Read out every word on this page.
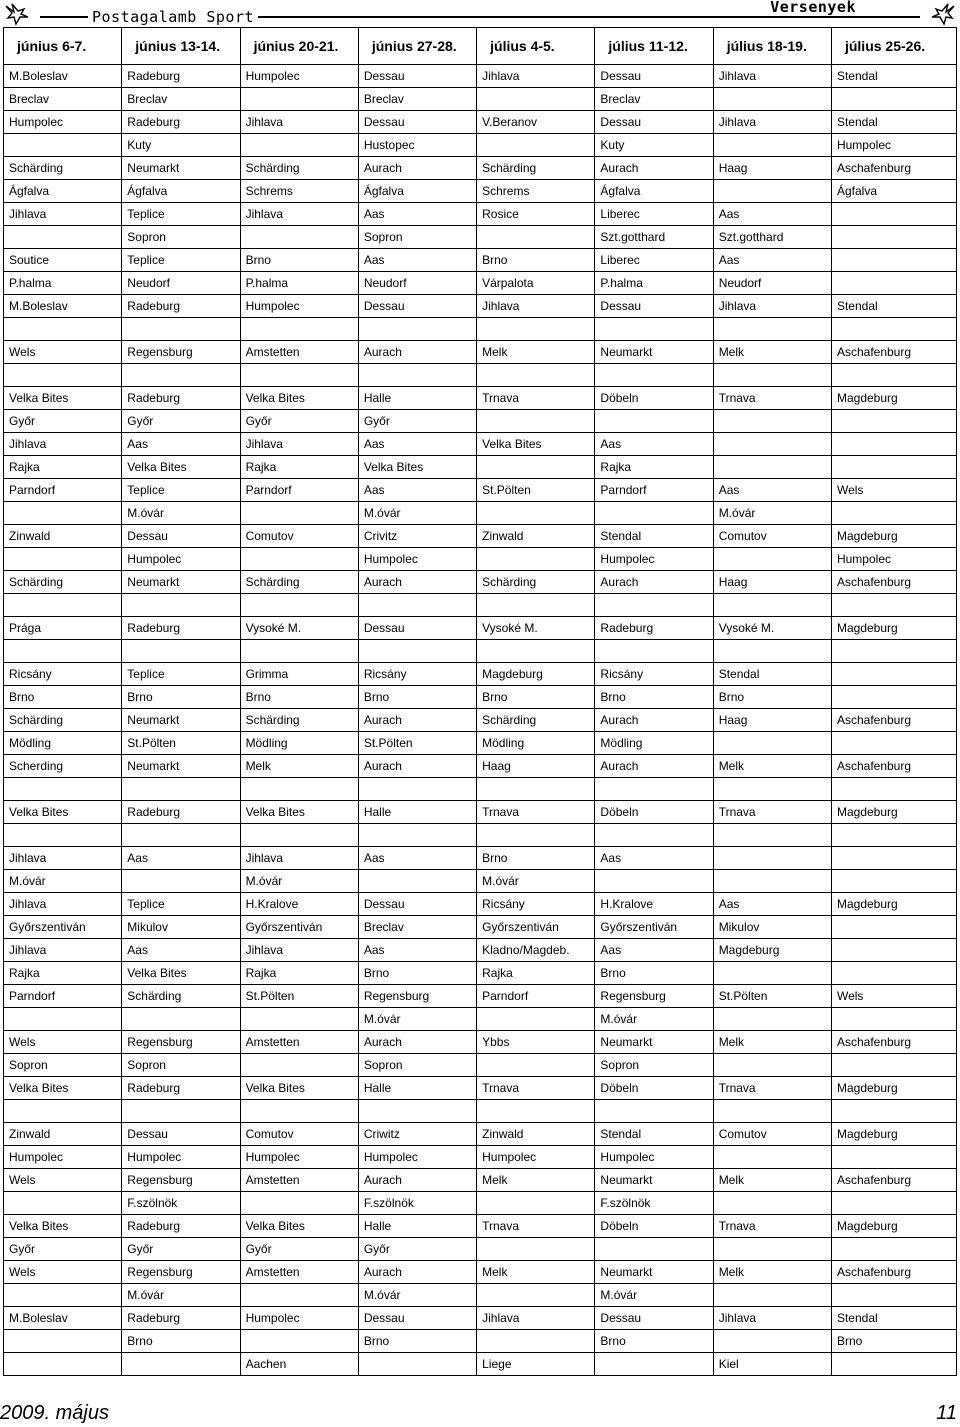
Postagalamb Sport
Versenyek
június 6-7.	június 13-14.	június 20-21.	június 27-28.	július 4-5.	július 11-12.	július 18-19.	július 25-26.
M.Boleslav	Radeburg	Humpolec	Dessau	Jihlava	Dessau	Jihlava	Stendal
Breclav	Breclav		Breclav		Breclav		
Humpolec	Radeburg	Jihlava	Dessau	V.Beranov	Dessau	Jihlava	Stendal
	Kuty		Hustopec		Kuty		Humpolec
Schärding	Neumarkt	Schärding	Aurach	Schärding	Aurach	Haag	Aschafenburg
Ágfalva	Ágfalva	Schrems	Ágfalva	Schrems	Ágfalva		Ágfalva
Jihlava	Teplice	Jihlava	Aas	Rosice	Liberec	Aas	
	Sopron		Sopron		Szt.gotthard	Szt.gotthard	
Soutice	Teplice	Brno	Aas	Brno	Liberec	Aas	
P.halma	Neudorf	P.halma	Neudorf	Várpalota	P.halma	Neudorf	
M.Boleslav	Radeburg	Humpolec	Dessau	Jihlava	Dessau	Jihlava	Stendal

Wels	Regensburg	Amstetten	Aurach	Melk	Neumarkt	Melk	Aschafenburg

Velka Bites	Radeburg	Velka Bites	Halle	Trnava	Döbeln	Trnava	Magdeburg
Győr	Győr	Győr	Győr				
Jihlava	Aas	Jihlava	Aas	Velka Bites	Aas		
Rajka	Velka Bites	Rajka	Velka Bites		Rajka		
Parndorf	Teplice	Parndorf	Aas	St.Pölten	Parndorf	Aas	Wels
	M.óvár		M.óvár			M.óvár	
Zinwald	Dessau	Comutov	Crivitz	Zinwald	Stendal	Comutov	Magdeburg
	Humpolec		Humpolec		Humpolec		Humpolec
Schärding	Neumarkt	Schärding	Aurach	Schärding	Aurach	Haag	Aschafenburg

Prága	Radeburg	Vysoké M.	Dessau	Vysoké M.	Radeburg	Vysoké M.	Magdeburg

Ricsány	Teplice	Grimma	Ricsány	Magdeburg	Ricsány	Stendal	
Brno	Brno	Brno	Brno	Brno	Brno	Brno	
Schärding	Neumarkt	Schärding	Aurach	Schärding	Aurach	Haag	Aschafenburg
Mödling	St.Pölten	Mödling	St.Pölten	Mödling	Mödling		
Scherding	Neumarkt	Melk	Aurach	Haag	Aurach	Melk	Aschafenburg

Velka Bites	Radeburg	Velka Bites	Halle	Trnava	Döbeln	Trnava	Magdeburg

Jihlava	Aas	Jihlava	Aas	Brno	Aas		
M.óvár		M.óvár		M.óvár			
Jihlava	Teplice	H.Kralove	Dessau	Ricsány	H.Kralove	Aas	Magdeburg
Győrszentiván	Mikulov	Győrszentiván	Breclav	Győrszentiván	Győrszentiván	Mikulov	
Jihlava	Aas	Jihlava	Aas	Kladno/Magdeb.	Aas	Magdeburg	
Rajka	Velka Bites	Rajka	Brno	Rajka	Brno		
Parndorf	Schärding	St.Pölten	Regensburg	Parndorf	Regensburg	St.Pölten	Wels
			M.óvár		M.óvár		
Wels	Regensburg	Amstetten	Aurach	Ybbs	Neumarkt	Melk	Aschafenburg
Sopron	Sopron		Sopron		Sopron		
Velka Bites	Radeburg	Velka Bites	Halle	Trnava	Döbeln	Trnava	Magdeburg

Zinwald	Dessau	Comutov	Criwitz	Zinwald	Stendal	Comutov	Magdeburg
Humpolec	Humpolec	Humpolec	Humpolec	Humpolec	Humpolec		
Wels	Regensburg	Amstetten	Aurach	Melk	Neumarkt	Melk	Aschafenburg
	F.szölnök		F.szölnök		F.szölnök		
Velka Bites	Radeburg	Velka Bites	Halle	Trnava	Döbeln	Trnava	Magdeburg
Győr	Győr	Győr	Győr				
Wels	Regensburg	Amstetten	Aurach	Melk	Neumarkt	Melk	Aschafenburg
	M.óvár		M.óvár		M.óvár		
M.Boleslav	Radeburg	Humpolec	Dessau	Jihlava	Dessau	Jihlava	Stendal
	Brno		Brno		Brno		Brno
		Aachen		Liege		Kiel	
2009. május	11
